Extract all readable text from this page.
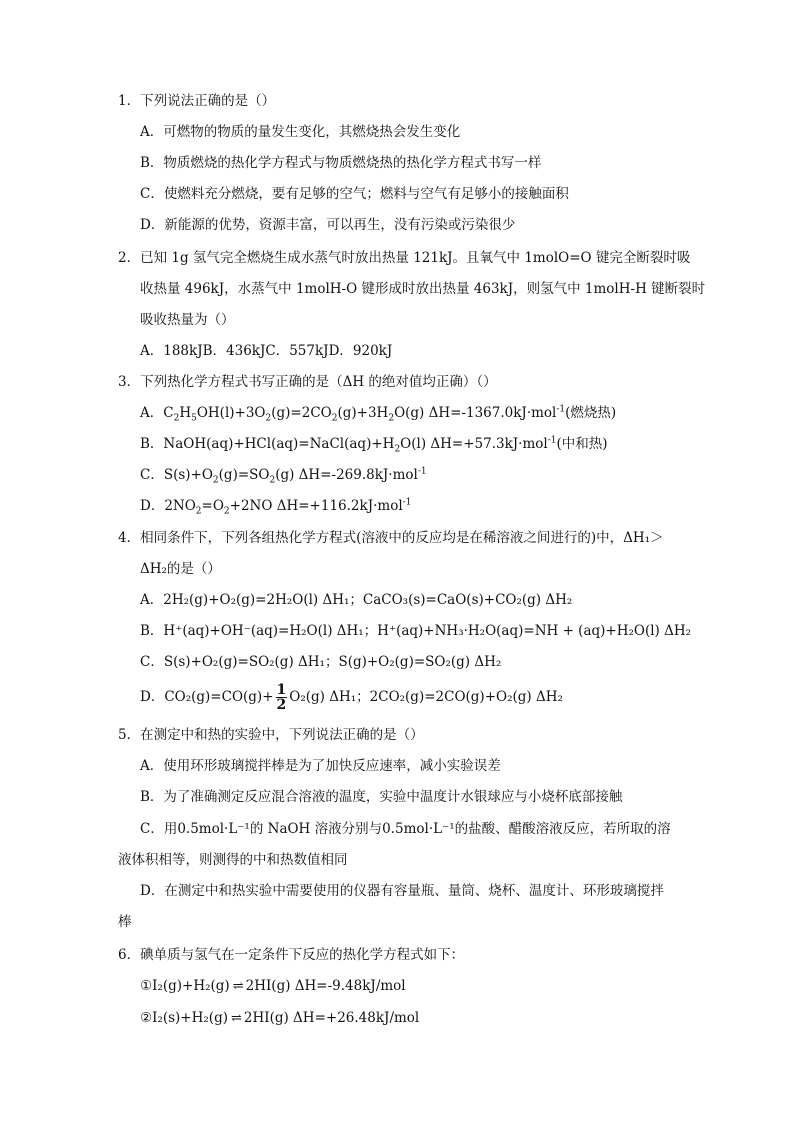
1．下列说法正确的是（）
A．可燃物的物质的量发生变化，其燃烧热会发生变化
B．物质燃烧的热化学方程式与物质燃烧热的热化学方程式书写一样
C．使燃料充分燃烧，要有足够的空气；燃料与空气有足够小的接触面积
D．新能源的优势，资源丰富，可以再生，没有污染或污染很少
2．已知 1g 氢气完全燃烧生成水蒸气时放出热量 121kJ。且氧气中 1molO=O 键完全断裂时吸
收热量 496kJ，水蒸气中 1molH-O 键形成时放出热量 463kJ，则氢气中 1molH-H 键断裂时
吸收热量为（）
A．188kJB．436kJC．557kJD．920kJ
3．下列热化学方程式书写正确的是（ΔH 的绝对值均正确）（）
A．$C_2H_5OH(l)+3O_2(g)=2CO_2(g)+3H_2O(g)$ ΔH=-1367.0kJ·mol$^{-1}$(燃烧热)
B．$NaOH(aq)+HCl(aq)=NaCl(aq)+H_2O(l)$ ΔH=+57.3kJ·mol$^{-1}$(中和热)
C．$S(s)+O_2(g)=SO_2(g)$ ΔH=-269.8kJ·mol$^{-1}$
D．$2NO_2=O_2+2NO$ ΔH=+116.2kJ·mol$^{-1}$
4．相同条件下，下列各组热化学方程式(溶液中的反应均是在稀溶液之间进行的)中，ΔH₁＞
ΔH₂的是（）
A．2H₂(g)+O₂(g)=2H₂O(l) ΔH₁；CaCO₃(s)=CaO(s)+CO₂(g) ΔH₂
B．H⁺(aq)+OH⁻(aq)=H₂O(l) ΔH₁；H⁺(aq)+NH₃·H₂O(aq)=NH + (aq)+H₂O(l) ΔH₂
C．S(s)+O₂(g)=SO₂(g) ΔH₁；S(g)+O₂(g)=SO₂(g) ΔH₂
D．$CO_2(g)=CO(g)+ \frac{1}{2} O_2(g)$ ΔH₁；2CO₂(g)=2CO(g)+O₂(g) ΔH₂
5．在测定中和热的实验中，下列说法正确的是（）
A．使用环形玻璃搅拌棒是为了加快反应速率，减小实验误差
B．为了准确测定反应混合溶液的温度，实验中温度计水银球应与小烧杯底部接触
C．用0.5mol·L⁻¹的 NaOH 溶液分别与0.5mol·L⁻¹的盐酸、醋酸溶液反应，若所取的溶
液体积相等，则测得的中和热数值相同
D．在测定中和热实验中需要使用的仪器有容量瓶、量筒、烧杯、温度计、环形玻璃搅拌
棒
6．碘单质与氢气在一定条件下反应的热化学方程式如下：
①I₂(g)+H₂(g) ⇌ 2HI(g) ΔH=-9.48kJ/mol
②I₂(s)+H₂(g) ⇌ 2HI(g) ΔH=+26.48kJ/mol
